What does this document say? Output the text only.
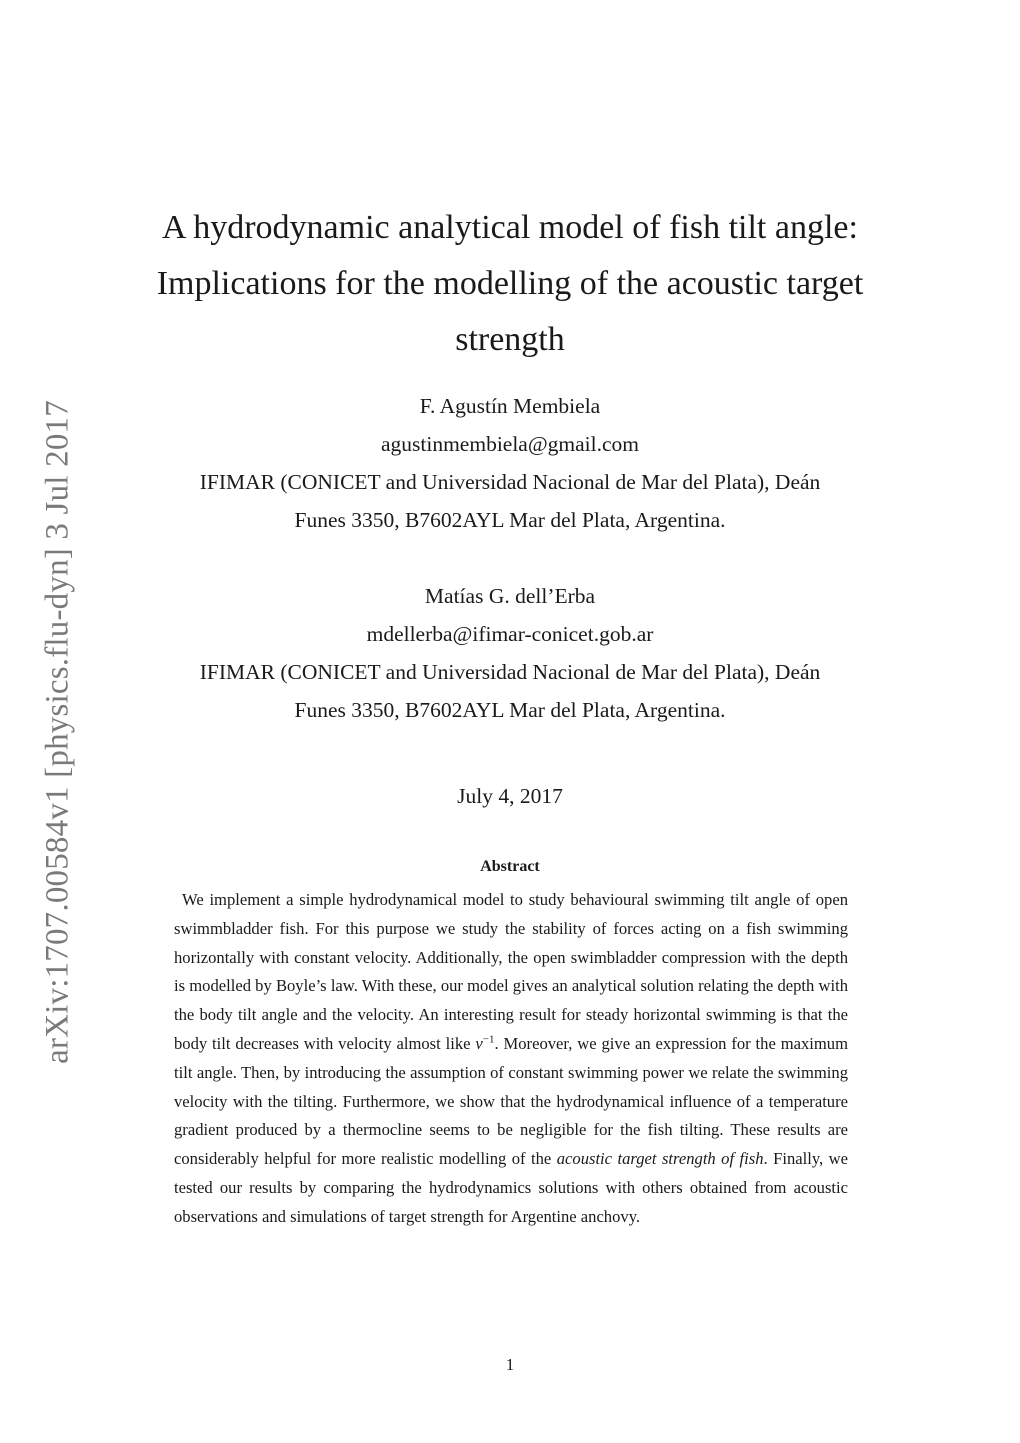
arXiv:1707.00584v1 [physics.flu-dyn] 3 Jul 2017
A hydrodynamic analytical model of fish tilt angle:
Implications for the modelling of the acoustic target
strength
F. Agustín Membiela
agustinmembiela@gmail.com
IFIMAR (CONICET and Universidad Nacional de Mar del Plata), Deán
Funes 3350, B7602AYL Mar del Plata, Argentina.
Matías G. dell’Erba
mdellerba@ifimar-conicet.gob.ar
IFIMAR (CONICET and Universidad Nacional de Mar del Plata), Deán
Funes 3350, B7602AYL Mar del Plata, Argentina.
July 4, 2017
Abstract

We implement a simple hydrodynamical model to study behavioural swimming tilt angle of open swimmbladder fish. For this purpose we study the stability of forces acting on a fish swimming horizontally with constant velocity. Additionally, the open swimbladder compression with the depth is modelled by Boyle’s law. With these, our model gives an analytical solution relating the depth with the body tilt angle and the velocity. An interesting result for steady horizontal swimming is that the body tilt decreases with velocity almost like $v^{-1}$. Moreover, we give an expression for the maximum tilt angle. Then, by introducing the assumption of constant swimming power we relate the swimming velocity with the tilting. Furthermore, we show that the hydrodynamical influence of a temperature gradient produced by a thermocline seems to be negligible for the fish tilting. These results are considerably helpful for more realistic modelling of the acoustic target strength of fish. Finally, we tested our results by comparing the hydrodynamics solutions with others obtained from acoustic observations and simulations of target strength for Argentine anchovy.

1
